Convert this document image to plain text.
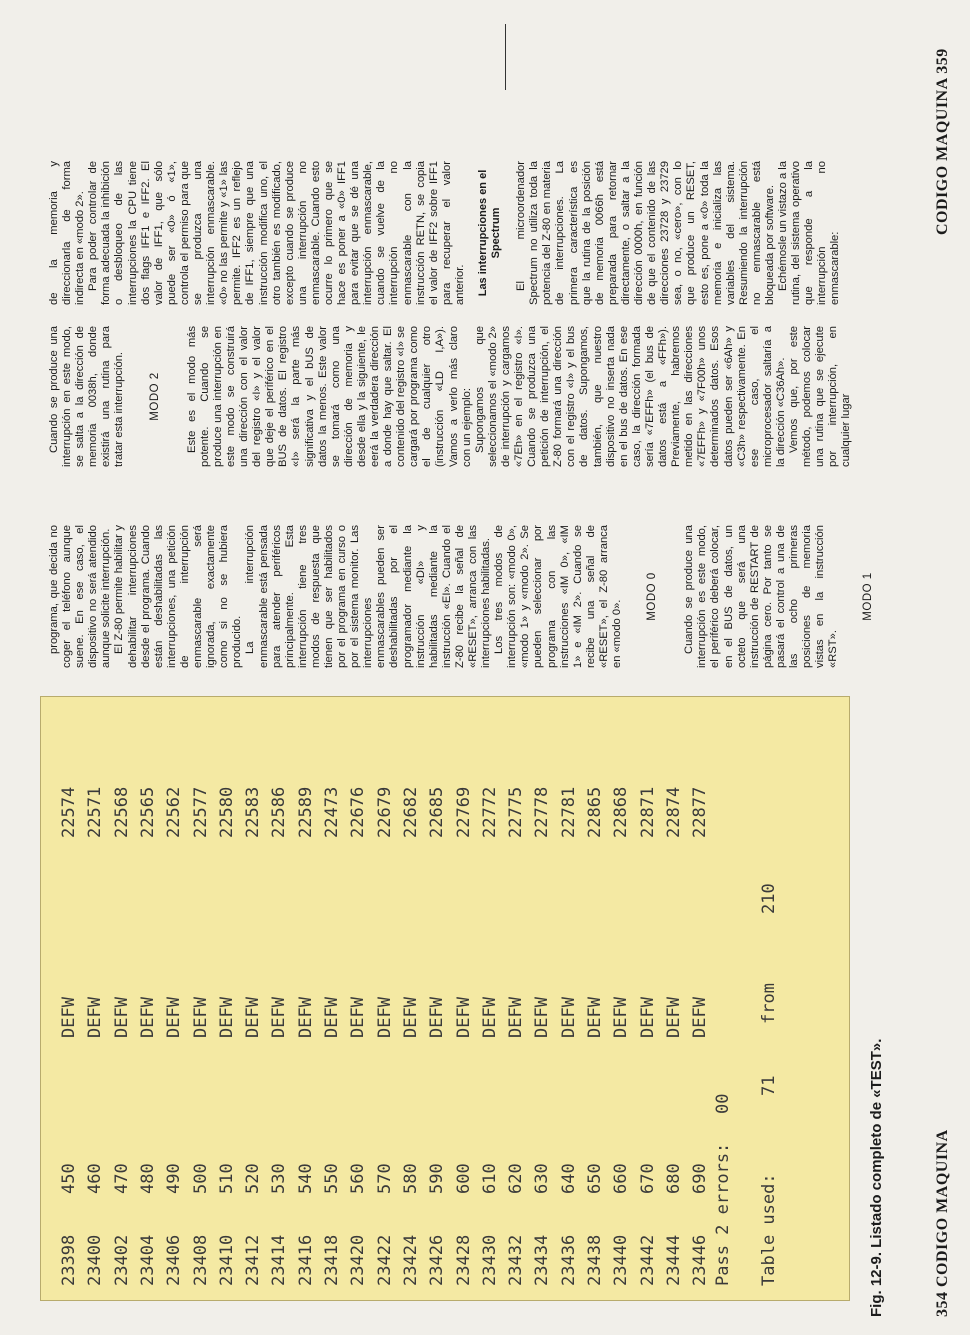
23398
450
DEFW
22574
23400
460
DEFW
22571
23402
470
DEFW
22568
23404
480
DEFW
22565
23406
490
DEFW
22562
23408
500
DEFW
22577
23410
510
DEFW
22580
23412
520
DEFW
22583
23414
530
DEFW
22586
23416
540
DEFW
22589
23418
550
DEFW
22473
23420
560
DEFW
22676
23422
570
DEFW
22679
23424
580
DEFW
22682
23426
590
DEFW
22685
23428
600
DEFW
22769
23430
610
DEFW
22772
23432
620
DEFW
22775
23434
630
DEFW
22778
23436
640
DEFW
22781
23438
650
DEFW
22865
23440
660
DEFW
22868
23442
670
DEFW
22871
23444
680
DEFW
22874
23446
690
DEFW
22877

Pass 2 errors:

00

Table used:

71

from

210

Fig. 12-9. Listado completo de «TEST».	354 CODIGO MAQUINA

programa, que decida no coger el teléfono aunque suene. En ese caso, el dispositivo no será atendido aunque solicite interrupción. El Z-80 permite habilitar y dehabilitar interrupciones desde el programa. Cuando están deshabilitadas las interrupciones, una petición de interrupción enmascarable será ignorada, exactamente como si no se hubiera producido. La interrupción enmascarable está pensada para atender periféricos principalmente. Esta interrupción tiene tres modos de respuesta que tienen que ser habilitados por el programa en curso o por el sistema monitor. Las interrupciones enmascarables pueden ser deshabilitadas por el programador mediante la instrucción «DI» y habilitadas mediante la instrucción «EI». Cuando el Z-80 recibe la señal de «RESET», arranca con las interrupciones habilitadas. Los tres modos de interrupción son: «modo 0», «modo 1» y «modo 2». Se pueden seleccionar por programa con las instrucciones «IM 0», «IM 1» e «IM 2». Cuando se recibe una señal de «RESET», el Z-80 arranca en «modo 0».

MODO 0 Cuando se produce una interrupción es este modo, el periférico deberá colocar, en el BUS de datos, un octeto que será una instrucción de RESTART de página cero. Por tanto se pasará el control a una de las ocho primeras posiciones de memoria vistas en la instrucción «RST».

MODO 1

Cuando se produce una interrupción en este modo, se salta a la dirección de memoria 0038h, donde existirá una rutina para tratar esta interrupción. MODO 2 Este es el modo más potente. Cuando se produce una interrupción en este modo se construirá una dirección con el valor del registro «I» y el valor que deje el periférico en el BUS de datos. El registro «I» será la parte más significativa y el bUS de datos la menos. Este valor se tomará como una dirección de memoria y desde ella y la siguiente, le eerá la verdadera dirección a donde hay que saltar. El contenido del registro «I» se cargará por programa como el de cualquier otro (instrucción «LD I,A»). Vamos a verlo más claro con un ejemplo: Supongamos que seleccionamos el «modo 2» de interrupción y cargamos «7Eh» en el registro «I». Cuando se produzca una petición de interrupción, el Z-80 formará una dirección con el registro «I» y el bus de datos. Supongamos, también, que nuestro dispositivo no inserta nada en el bus de datos. En ese caso, la dirección formada sería «7EFFh» (el bus de datos está a «FFh»). Previamente, habremos metido en las direcciones «7EFFh» y «7F00h» unos determinados datos. Esos datos pueden ser «6Ah» y «C3h» respectivamente. En ese caso, el microprocesador saltaría a la dirección «C36Ah». Vemos que, por este método, podemos colocar una rutina que se ejecute por interrupción, en cualquier lugar

de la memoria y direccionarla de forma indirecta en «modo 2». Para poder controlar de forma adecuada la inhibición o desbloqueo de las interrupciones la CPU tiene dos flags IFF1 e IFF2. El valor de IFF1, que sólo puede ser «0» ó «1», controla el permiso para que se produzca una interrupción enmascarable. «0» no las permite y «1» las permite. IFF2 es un reflejo de IFF1, siempre que una instrucción modifica uno, el otro también es modificado, excepto cuando se produce una interrupción no enmascarable. Cuando esto ocurre lo primero que se hace es poner a «0» IFF1 para evitar que se dé una interrupción enmascarable, cuando se vuelve de la interrupción no enmascarable con la instrucción RETN, se copia el valor de IFF2 sobre IFF1 para recuperar el valor anterior. Las interrupciones en el Spectrum El microordenador Spectrum no utiliza toda la potencia del Z-80 en materia de interrupciones. La primera característica es que la rutina de la posición de memoria 0066h está preparada para retornar directamente, o saltar a la dirección 0000h, en función de que el contenido de las direcciones 23728 y 23729 sea, o no, «cero», con lo que produce un RESET, esto es, pone a «0» toda la memoria e inicializa las variables del sistema. Resumiendo la interrupción no enmascarable está bloqueada por software. Echémosle un vistazo a la rutina, del sistema operativo que responde a la interrupción no enmascarable:

CODIGO MAQUINA 359
